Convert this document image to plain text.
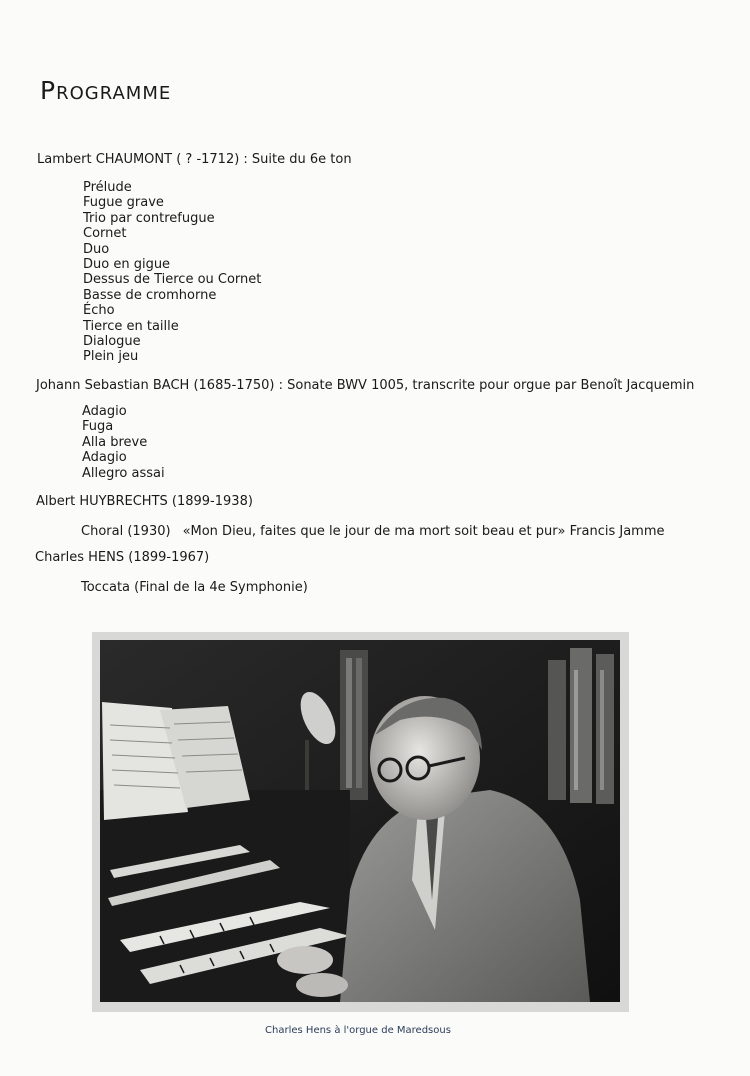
Programme
Lambert CHAUMONT ( ? -1712) : Suite du 6e ton
Prélude
Fugue grave
Trio par contrefugue
Cornet
Duo
Duo en gigue
Dessus de Tierce ou Cornet
Basse de cromhorne
Écho
Tierce en taille
Dialogue
Plein jeu
Johann Sebastian BACH (1685-1750) : Sonate BWV 1005, transcrite pour orgue par Benoît Jacquemin
Adagio
Fuga
Alla breve
Adagio
Allegro assai
Albert HUYBRECHTS (1899-1938)
Choral (1930) «Mon Dieu, faites que le jour de ma mort soit beau et pur» Francis Jamme
Charles HENS (1899-1967)
Toccata (Final de la 4e Symphonie)
Charles Hens à l'orgue de Maredsous
